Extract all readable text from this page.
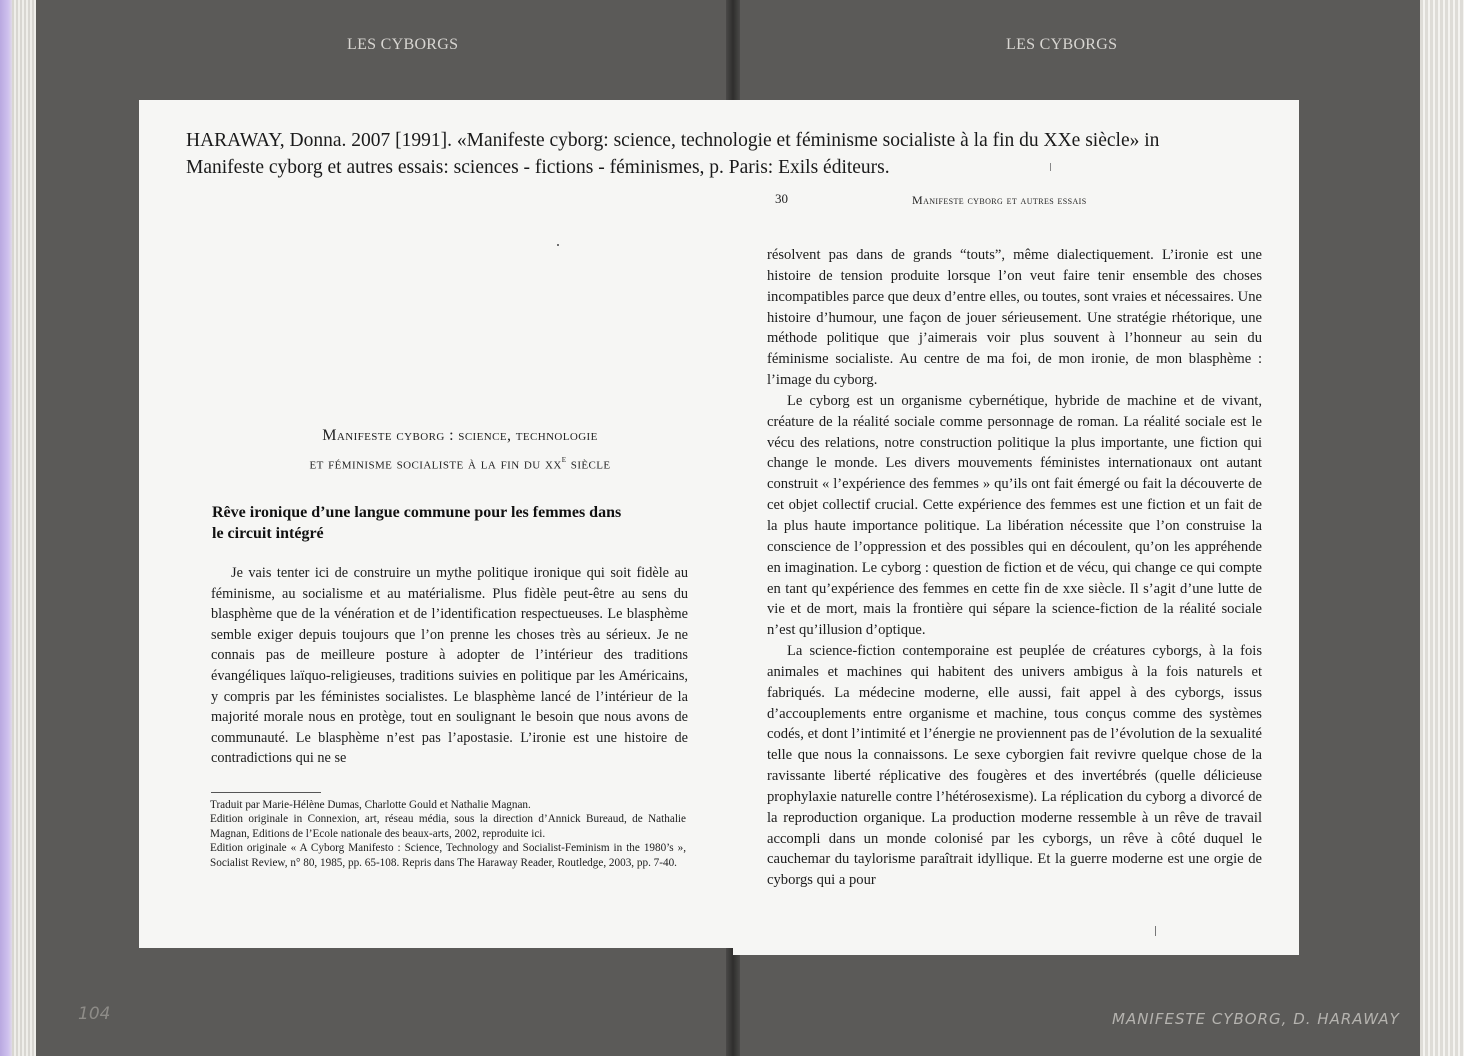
LES CYBORGS	LES CYBORGS
104	MANIFESTE CYBORG, D. HARAWAY
HARAWAY, Donna. 2007 [1991]. «Manifeste cyborg: science, technologie et féminisme socialiste à la fin du XXe siècle» in Manifeste cyborg et autres essais: sciences - fictions - féminismes, p. Paris: Exils éditeurs.
30	Manifeste cyborg et autres essais
Manifeste cyborg : science, technologie
et féminisme socialiste à la fin du $xx^e$ siècle
Rêve ironique d’une langue commune pour les femmes dans le circuit intégré

Je vais tenter ici de construire un mythe politique ironique qui soit fidèle au féminisme, au socialisme et au matérialisme. Plus fidèle peut-être au sens du blasphème que de la vénération et de l’identification respectueuses. Le blasphème semble exiger depuis toujours que l’on prenne les choses très au sérieux. Je ne connais pas de meilleure posture à adopter de l’intérieur des traditions évangéliques laïquo-religieuses, traditions suivies en politique par les Américains, y compris par les féministes socialistes. Le blasphème lancé de l’intérieur de la majorité morale nous en protège, tout en soulignant le besoin que nous avons de communauté. Le blasphème n’est pas l’apostasie. L’ironie est une histoire de contradictions qui ne se

Traduit par Marie-Hélène Dumas, Charlotte Gould et Nathalie Magnan.
Edition originale in Connexion, art, réseau média, sous la direction d’Annick Bureaud, de Nathalie Magnan, Editions de l’Ecole nationale des beaux-arts, 2002, reproduite ici.
Edition originale « A Cyborg Manifesto : Science, Technology and Socialist-Feminism in the 1980’s », Socialist Review, n° 80, 1985, pp. 65-108. Repris dans The Haraway Reader, Routledge, 2003, pp. 7-40.

résolvent pas dans de grands “touts”, même dialectiquement. L’ironie est une histoire de tension produite lorsque l’on veut faire tenir ensemble des choses incompatibles parce que deux d’entre elles, ou toutes, sont vraies et nécessaires. Une histoire d’humour, une façon de jouer sérieusement. Une stratégie rhétorique, une méthode politique que j’aimerais voir plus souvent à l’honneur au sein du féminisme socialiste. Au centre de ma foi, de mon ironie, de mon blasphème : l’image du cyborg.

Le cyborg est un organisme cybernétique, hybride de machine et de vivant, créature de la réalité sociale comme personnage de roman. La réalité sociale est le vécu des relations, notre construction politique la plus importante, une fiction qui change le monde. Les divers mouvements féministes internationaux ont autant construit « l’expérience des femmes » qu’ils ont fait émergé ou fait la découverte de cet objet collectif crucial. Cette expérience des femmes est une fiction et un fait de la plus haute importance politique. La libération nécessite que l’on construise la conscience de l’oppression et des possibles qui en découlent, qu’on les appréhende en imagination. Le cyborg : question de fiction et de vécu, qui change ce qui compte en tant qu’expérience des femmes en cette fin de xxe siècle. Il s’agit d’une lutte de vie et de mort, mais la frontière qui sépare la science-fiction de la réalité sociale n’est qu’illusion d’optique.

La science-fiction contemporaine est peuplée de créatures cyborgs, à la fois animales et machines qui habitent des univers ambigus à la fois naturels et fabriqués. La médecine moderne, elle aussi, fait appel à des cyborgs, issus d’accouplements entre organisme et machine, tous conçus comme des systèmes codés, et dont l’intimité et l’énergie ne proviennent pas de l’évolution de la sexualité telle que nous la connaissons. Le sexe cyborgien fait revivre quelque chose de la ravissante liberté réplicative des fougères et des invertébrés (quelle délicieuse prophylaxie naturelle contre l’hétérosexisme). La réplication du cyborg a divorcé de la reproduction organique. La production moderne ressemble à un rêve de travail accompli dans un monde colonisé par les cyborgs, un rêve à côté duquel le cauchemar du taylorisme paraîtrait idyllique. Et la guerre moderne est une orgie de cyborgs qui a pour
